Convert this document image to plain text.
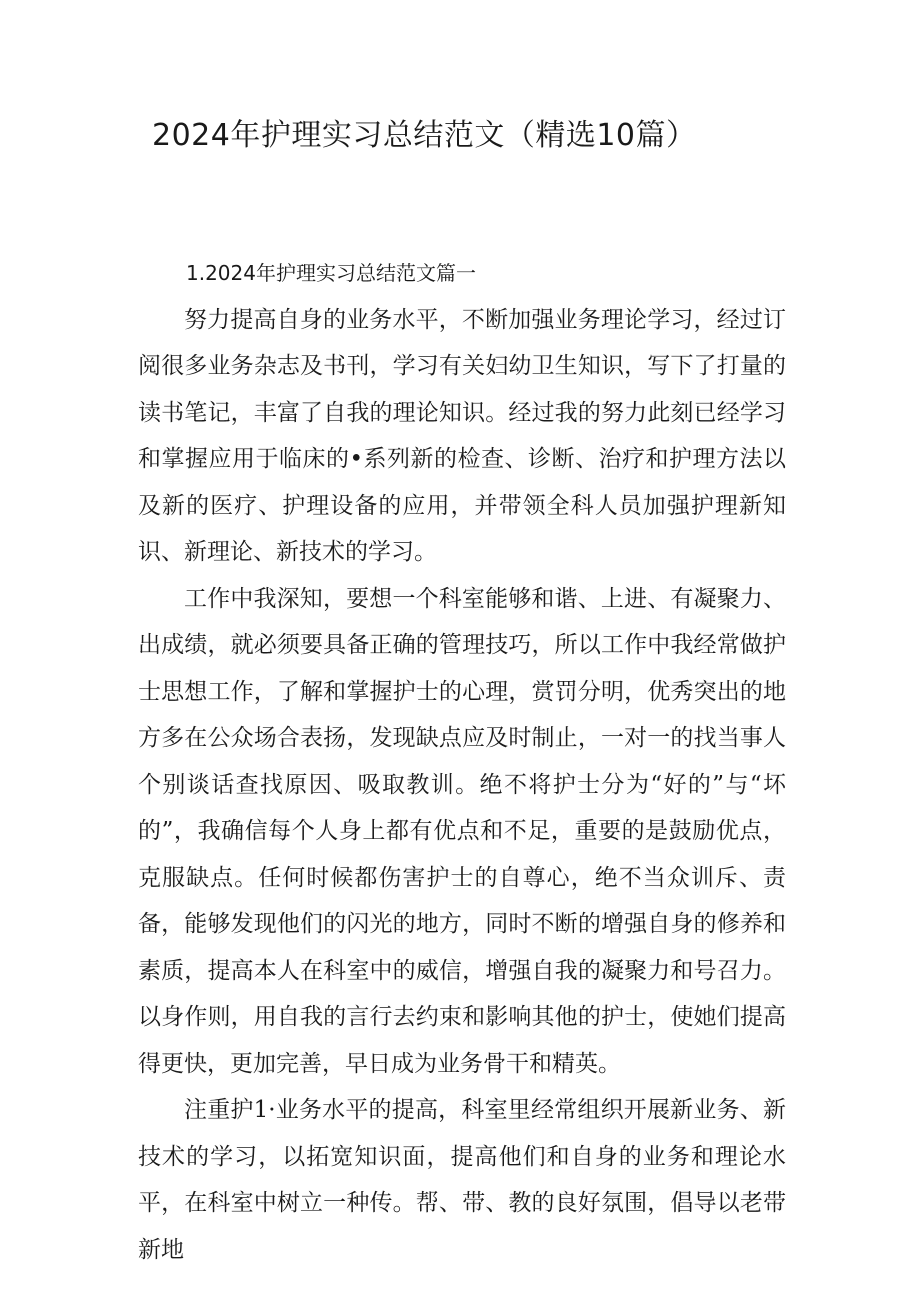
2024年护理实习总结范文（精选10篇）
1.2024年护理实习总结范文篇一

努力提高自身的业务水平，不断加强业务理论学习，经过订阅很多业务杂志及书刊，学习有关妇幼卫生知识，写下了打量的读书笔记，丰富了自我的理论知识。经过我的努力此刻已经学习和掌握应用于临床的•系列新的检查、诊断、治疗和护理方法以及新的医疗、护理设备的应用，并带领全科人员加强护理新知识、新理论、新技术的学习。

工作中我深知，要想一个科室能够和谐、上进、有凝聚力、出成绩，就必须要具备正确的管理技巧，所以工作中我经常做护士思想工作，了解和掌握护士的心理，赏罚分明，优秀突出的地方多在公众场合表扬，发现缺点应及时制止，一对一的找当事人个别谈话查找原因、吸取教训。绝不将护士分为“好的”与“坏的”，我确信每个人身上都有优点和不足，重要的是鼓励优点，克服缺点。任何时候都伤害护士的自尊心，绝不当众训斥、责备，能够发现他们的闪光的地方，同时不断的增强自身的修养和素质，提高本人在科室中的威信，增强自我的凝聚力和号召力。以身作则，用自我的言行去约束和影响其他的护士，使她们提高得更快，更加完善，早日成为业务骨干和精英。

注重护1·业务水平的提高，科室里经常组织开展新业务、新技术的学习，以拓宽知识面，提高他们和自身的业务和理论水平，在科室中树立一种传。帮、带、教的良好氛围，倡导以老带新地
